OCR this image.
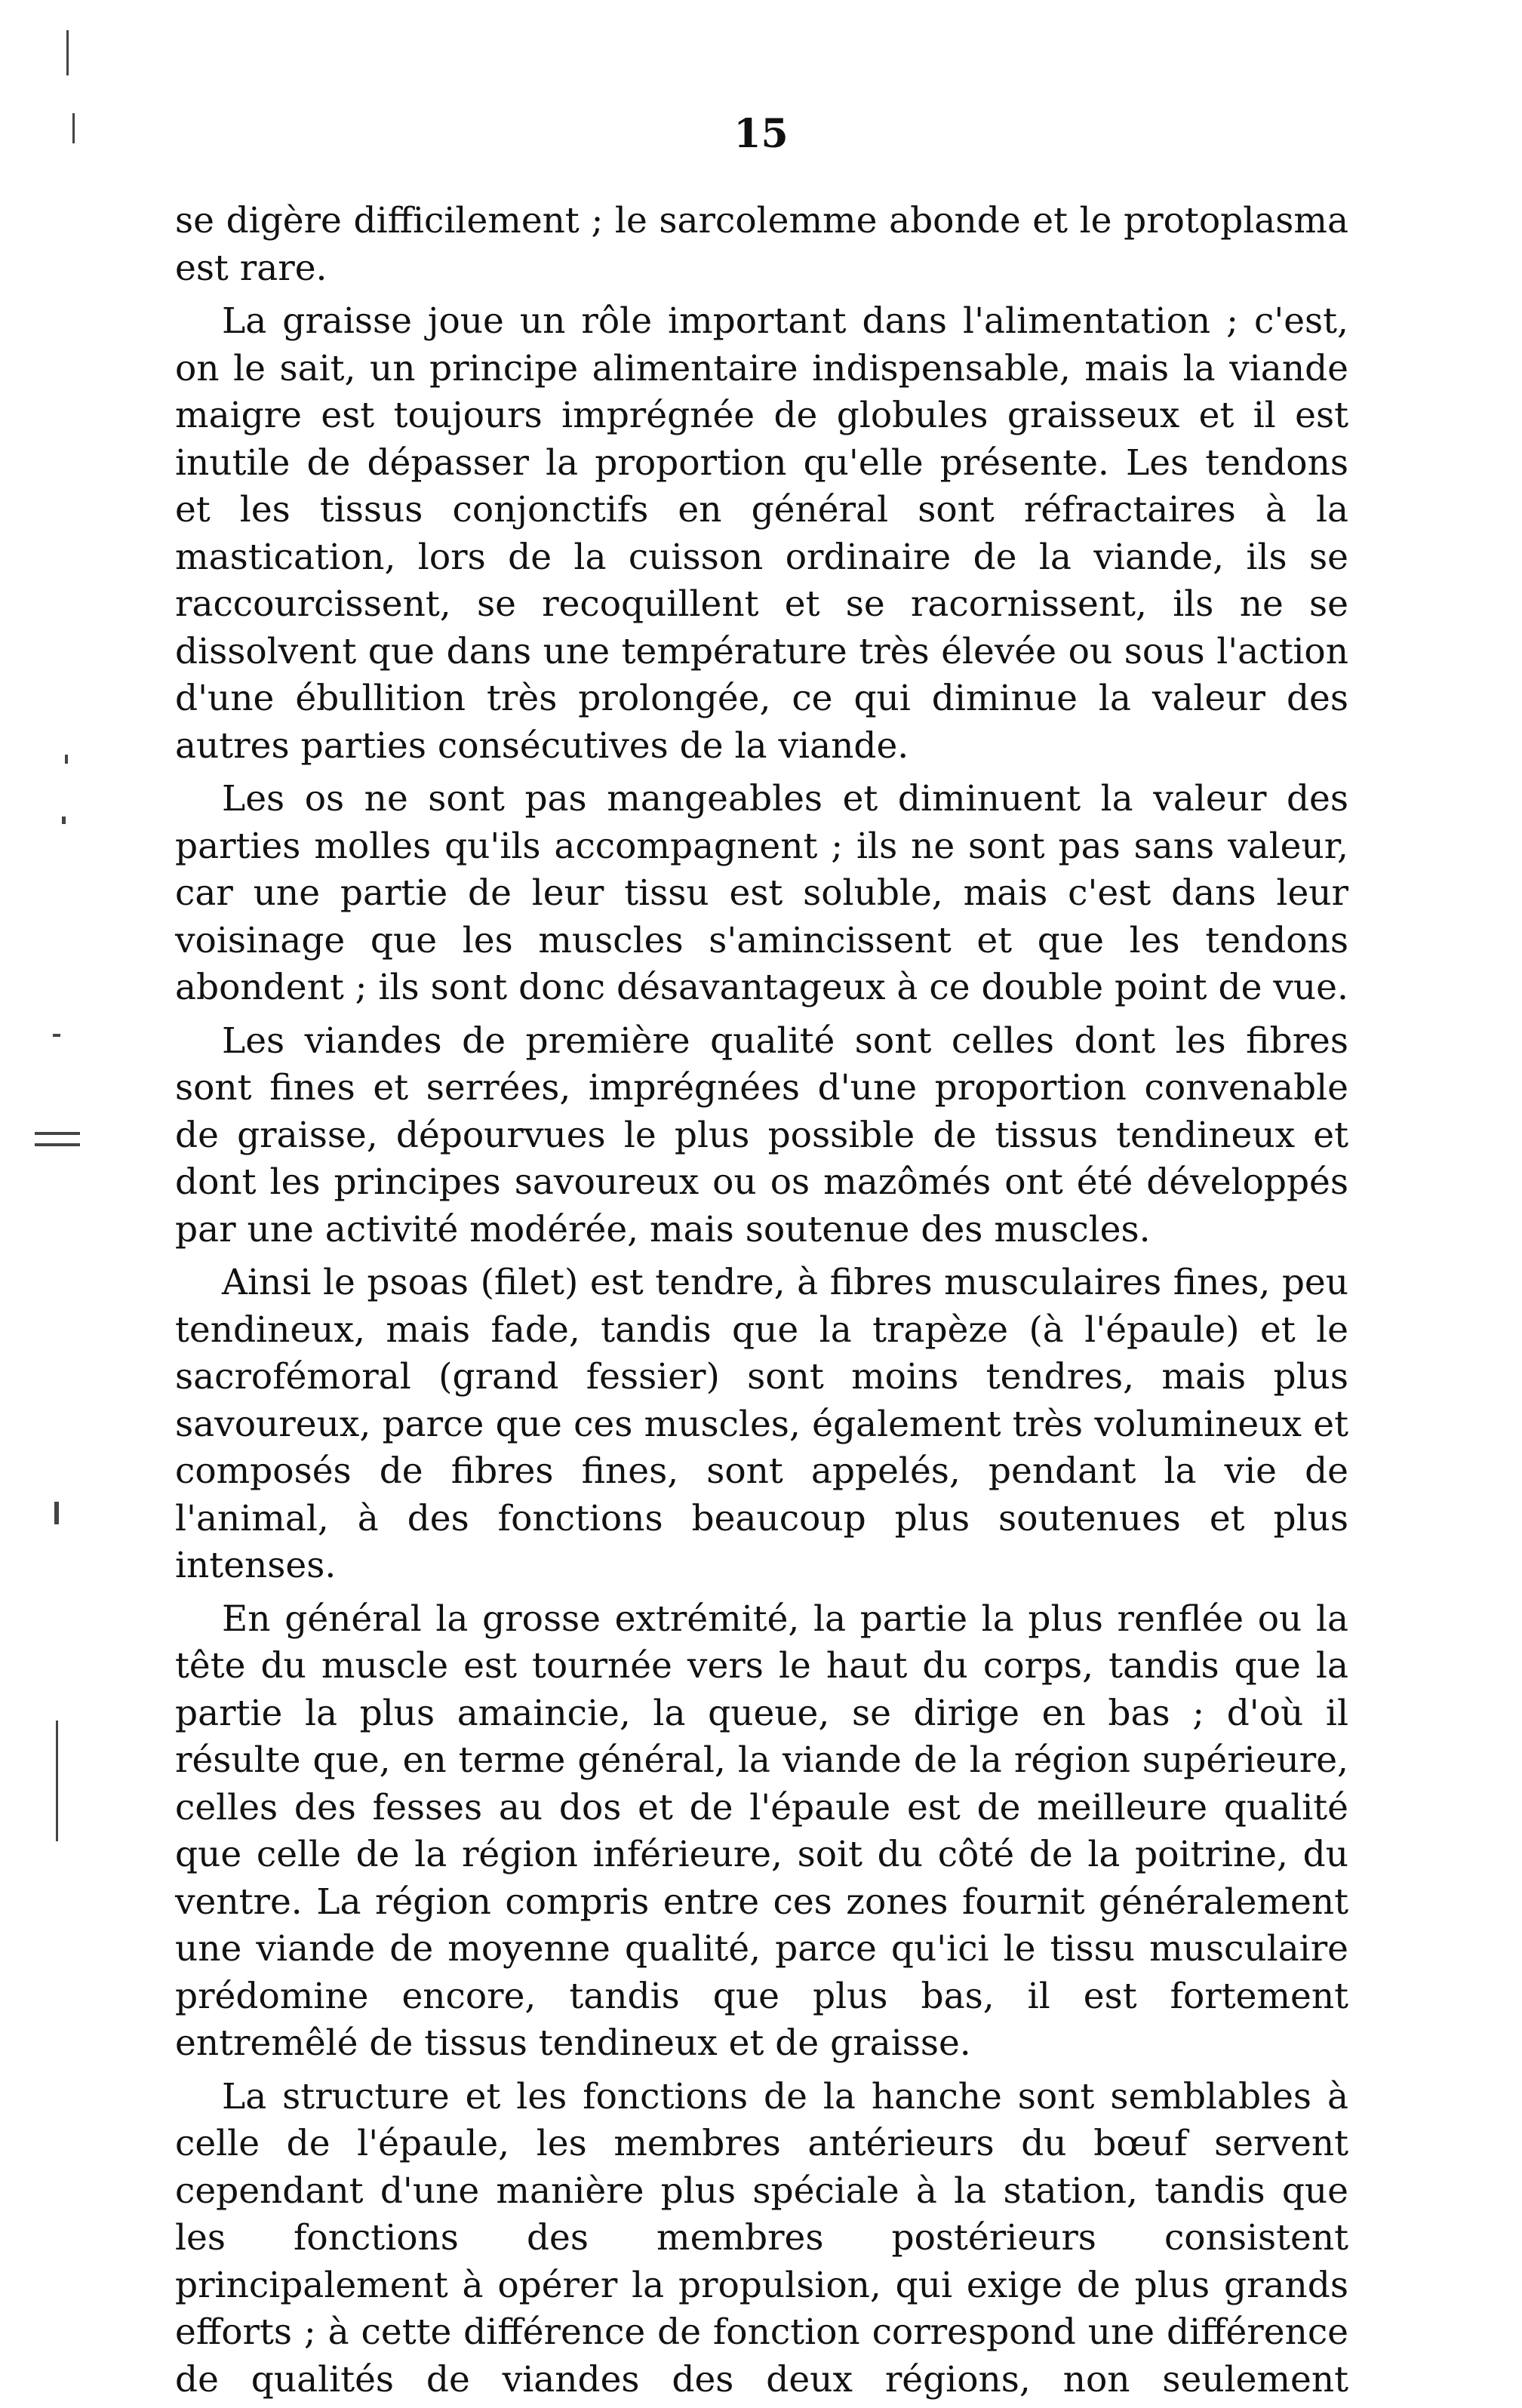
15

se digère difficilement ; le sarcolemme abonde et le protoplasma est rare.

La graisse joue un rôle important dans l'alimentation ; c'est, on le sait, un principe alimentaire indispensable, mais la viande maigre est toujours imprégnée de globules graisseux et il est inutile de dépasser la proportion qu'elle présente. Les tendons et les tissus conjonctifs en général sont réfractaires à la mastication, lors de la cuisson ordinaire de la viande, ils se raccourcissent, se recoquillent et se racornissent, ils ne se dissolvent que dans une température très élevée ou sous l'action d'une ébullition très prolongée, ce qui diminue la valeur des autres parties consécutives de la viande.

Les os ne sont pas mangeables et diminuent la valeur des parties molles qu'ils accompagnent ; ils ne sont pas sans valeur, car une partie de leur tissu est soluble, mais c'est dans leur voisinage que les muscles s'amincissent et que les tendons abondent ; ils sont donc désavantageux à ce double point de vue.

Les viandes de première qualité sont celles dont les fibres sont fines et serrées, imprégnées d'une proportion convenable de graisse, dépourvues le plus possible de tissus tendineux et dont les principes savoureux ou os mazômés ont été développés par une activité modérée, mais soutenue des muscles.

Ainsi le psoas (filet) est tendre, à fibres musculaires fines, peu tendineux, mais fade, tandis que la trapèze (à l'épaule) et le sacrofémoral (grand fessier) sont moins tendres, mais plus savoureux, parce que ces muscles, également très volumineux et composés de fibres fines, sont appelés, pendant la vie de l'animal, à des fonctions beaucoup plus soutenues et plus intenses.

En général la grosse extrémité, la partie la plus renflée ou la tête du muscle est tournée vers le haut du corps, tandis que la partie la plus amaincie, la queue, se dirige en bas ; d'où il résulte que, en terme général, la viande de la région supérieure, celles des fesses au dos et de l'épaule est de meilleure qualité que celle de la région inférieure, soit du côté de la poitrine, du ventre. La région compris entre ces zones fournit généralement une viande de moyenne qualité, parce qu'ici le tissu musculaire prédomine encore, tandis que plus bas, il est fortement entremêlé de tissus tendineux et de graisse.

La structure et les fonctions de la hanche sont semblables à celle de l'épaule, les membres antérieurs du bœuf servent cependant d'une manière plus spéciale à la station, tandis que les fonctions des membres postérieurs consistent principalement à opérer la propulsion, qui exige de plus grands efforts ; à cette différence de fonction correspond une différence de qualités de viandes des deux régions, non seulement
